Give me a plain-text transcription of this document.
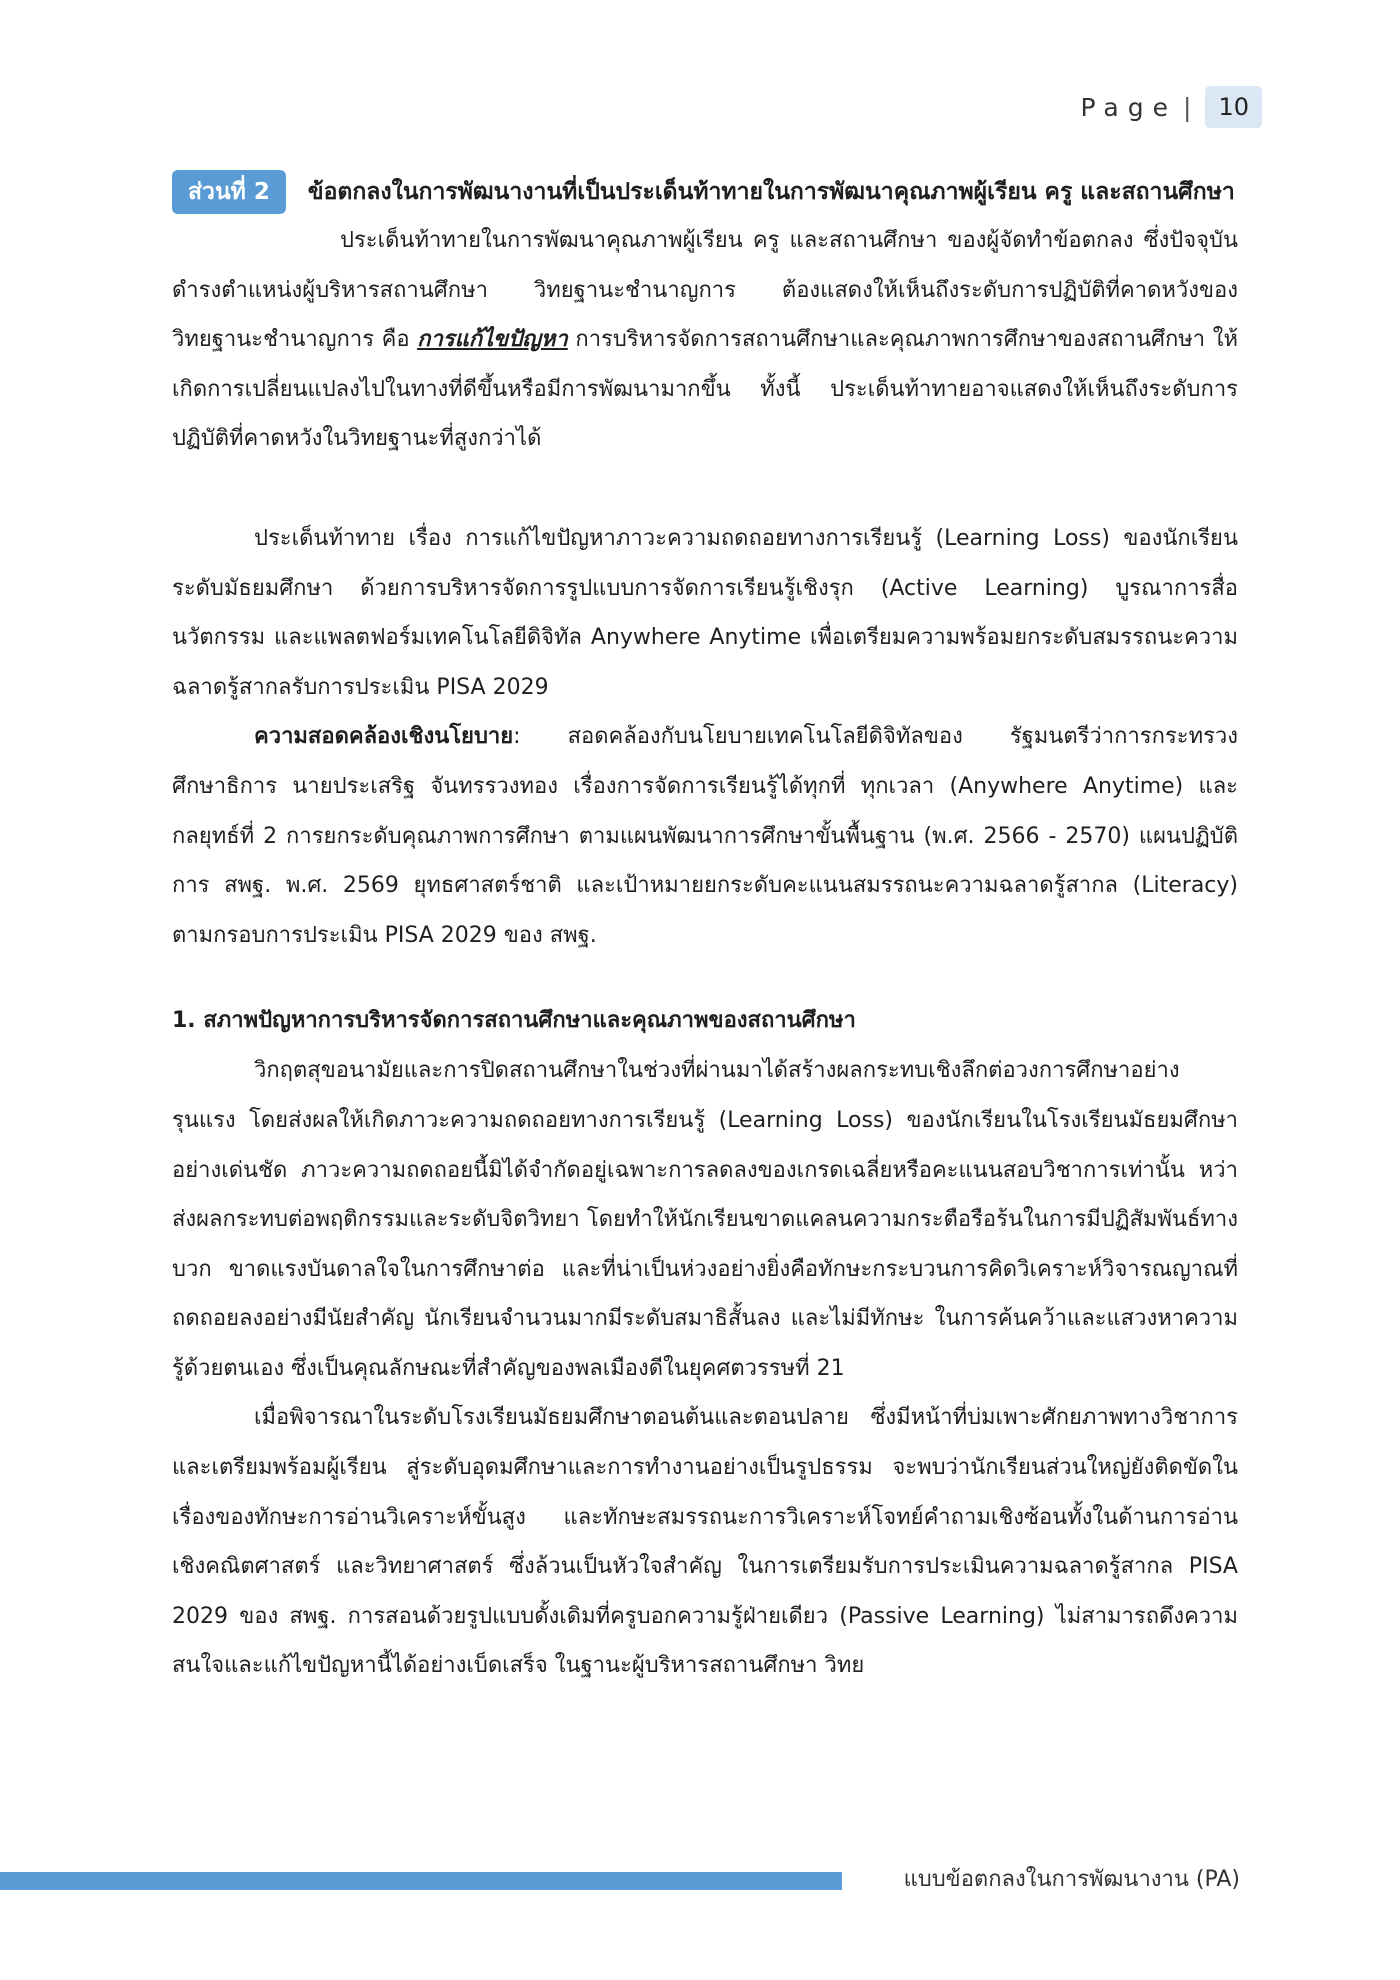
Page |	10
ส่วนที่ 2 ข้อตกลงในการพัฒนางานที่เป็นประเด็นท้าทายในการพัฒนาคุณภาพผู้เรียน ครู และสถานศึกษา

ประเด็นท้าทายในการพัฒนาคุณภาพผู้เรียน ครู และสถานศึกษา ของผู้จัดทำข้อตกลง ซึ่งปัจจุบันดำรงตำแหน่งผู้บริหารสถานศึกษา วิทยฐานะชำนาญการ ต้องแสดงให้เห็นถึงระดับการปฏิบัติที่คาดหวังของวิทยฐานะชำนาญการ คือ การแก้ไขปัญหา การบริหารจัดการสถานศึกษาและคุณภาพการศึกษาของสถานศึกษา ให้เกิดการเปลี่ยนแปลงไปในทางที่ดีขึ้นหรือมีการพัฒนามากขึ้น ทั้งนี้ ประเด็นท้าทายอาจแสดงให้เห็นถึงระดับการปฏิบัติที่คาดหวังในวิทยฐานะที่สูงกว่าได้

ประเด็นท้าทาย เรื่อง การแก้ไขปัญหาภาวะความถดถอยทางการเรียนรู้ (Learning Loss) ของนักเรียนระดับมัธยมศึกษา ด้วยการบริหารจัดการรูปแบบการจัดการเรียนรู้เชิงรุก (Active Learning) บูรณาการสื่อนวัตกรรม และแพลตฟอร์มเทคโนโลยีดิจิทัล Anywhere Anytime เพื่อเตรียมความพร้อมยกระดับสมรรถนะความฉลาดรู้สากลรับการประเมิน PISA 2029

ความสอดคล้องเชิงนโยบาย: สอดคล้องกับนโยบายเทคโนโลยีดิจิทัลของ รัฐมนตรีว่าการกระทรวงศึกษาธิการ นายประเสริฐ จันทรรวงทอง เรื่องการจัดการเรียนรู้ได้ทุกที่ ทุกเวลา (Anywhere Anytime) และกลยุทธ์ที่ 2 การยกระดับคุณภาพการศึกษา ตามแผนพัฒนาการศึกษาขั้นพื้นฐาน (พ.ศ. 2566 - 2570) แผนปฏิบัติการ สพฐ. พ.ศ. 2569 ยุทธศาสตร์ชาติ และเป้าหมายยกระดับคะแนนสมรรถนะความฉลาดรู้สากล (Literacy) ตามกรอบการประเมิน PISA 2029 ของ สพฐ.

1. สภาพปัญหาการบริหารจัดการสถานศึกษาและคุณภาพของสถานศึกษา

วิกฤตสุขอนามัยและการปิดสถานศึกษาในช่วงที่ผ่านมาได้สร้างผลกระทบเชิงลึกต่อวงการศึกษาอย่างรุนแรง โดยส่งผลให้เกิดภาวะความถดถอยทางการเรียนรู้ (Learning Loss) ของนักเรียนในโรงเรียนมัธยมศึกษาอย่างเด่นชัด ภาวะความถดถอยนี้มิได้จำกัดอยู่เฉพาะการลดลงของเกรดเฉลี่ยหรือคะแนนสอบวิชาการเท่านั้น หว่าส่งผลกระทบต่อพฤติกรรมและระดับจิตวิทยา โดยทำให้นักเรียนขาดแคลนความกระตือรือร้นในการมีปฏิสัมพันธ์ทางบวก ขาดแรงบันดาลใจในการศึกษาต่อ และที่น่าเป็นห่วงอย่างยิ่งคือทักษะกระบวนการคิดวิเคราะห์วิจารณญาณที่ถดถอยลงอย่างมีนัยสำคัญ นักเรียนจำนวนมากมีระดับสมาธิสั้นลง และไม่มีทักษะ ในการค้นคว้าและแสวงหาความรู้ด้วยตนเอง ซึ่งเป็นคุณลักษณะที่สำคัญของพลเมืองดีในยุคศตวรรษที่ 21

เมื่อพิจารณาในระดับโรงเรียนมัธยมศึกษาตอนต้นและตอนปลาย ซึ่งมีหน้าที่บ่มเพาะศักยภาพทางวิชาการและเตรียมพร้อมผู้เรียน สู่ระดับอุดมศึกษาและการทำงานอย่างเป็นรูปธรรม จะพบว่านักเรียนส่วนใหญ่ยังติดขัดในเรื่องของทักษะการอ่านวิเคราะห์ขั้นสูง และทักษะสมรรถนะการวิเคราะห์โจทย์คำถามเชิงซ้อนทั้งในด้านการอ่านเชิงคณิตศาสตร์ และวิทยาศาสตร์ ซึ่งล้วนเป็นหัวใจสำคัญ ในการเตรียมรับการประเมินความฉลาดรู้สากล PISA 2029 ของ สพฐ. การสอนด้วยรูปแบบดั้งเดิมที่ครูบอกความรู้ฝ่ายเดียว (Passive Learning) ไม่สามารถดึงความสนใจและแก้ไขปัญหานี้ได้อย่างเบ็ดเสร็จ ในฐานะผู้บริหารสถานศึกษา วิทย

แบบข้อตกลงในการพัฒนางาน (PA)
